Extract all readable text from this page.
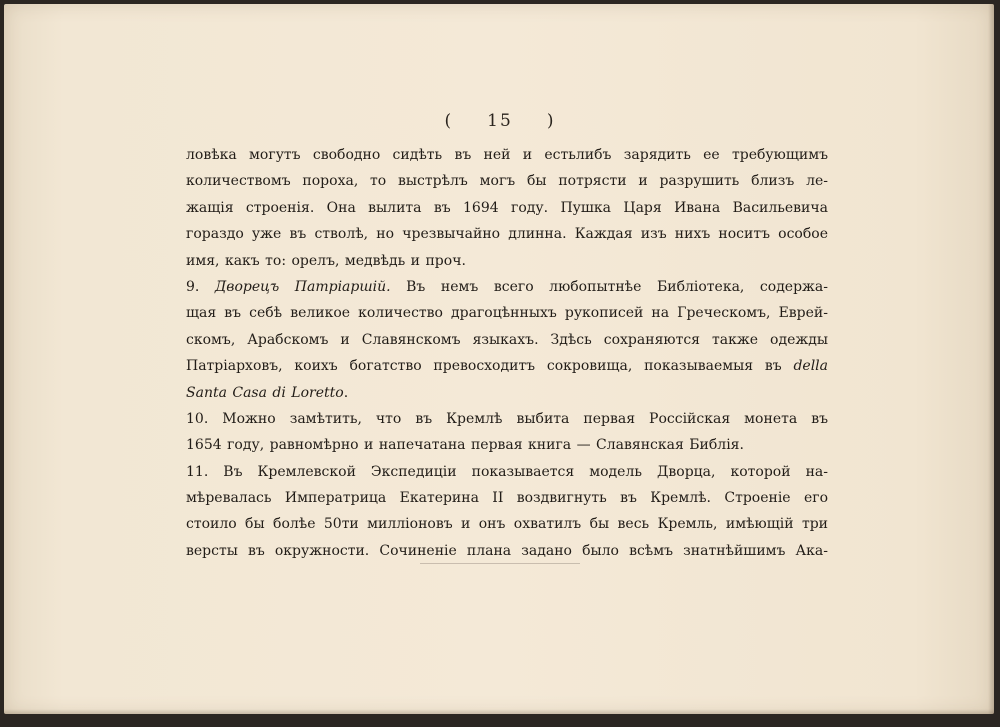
( 15 )
ловѣка могутъ свободно сидѣть въ ней и естьлибъ зарядить ее требующимъ
количествомъ пороха, то выстрѣлъ могъ бы потрясти и разрушить близъ ле-
жащія строенія. Она вылита въ 1694 году. Пушка Царя Ивана Васильевича
гораздо уже въ стволѣ, но чрезвычайно длинна. Каждая изъ нихъ носитъ особое
имя, какъ то: орелъ, медвѣдь и проч.
9. Дворецъ Патріаршій. Въ немъ всего любопытнѣе Библіотека, содержа-
щая въ себѣ великое количество драгоцѣнныхъ рукописей на Греческомъ, Еврей-
скомъ, Арабскомъ и Славянскомъ языкахъ. Здѣсь сохраняются также одежды
Патріарховъ, коихъ богатство превосходитъ сокровища, показываемыя въ della
Santa Casa di Loretto.
10. Можно замѣтить, что въ Кремлѣ выбита первая Россійская монета въ
1654 году, равномѣрно и напечатана первая книга — Славянская Библія.
11. Въ Кремлевской Экспедиціи показывается модель Дворца, которой на-
мѣревалась Императрица Екатерина II воздвигнуть въ Кремлѣ. Строеніе его
стоило бы болѣе 50ти милліоновъ и онъ охватилъ бы весь Кремль, имѣющій три
версты въ окружности. Сочиненіе плана задано было всѣмъ знатнѣйшимъ Ака-
